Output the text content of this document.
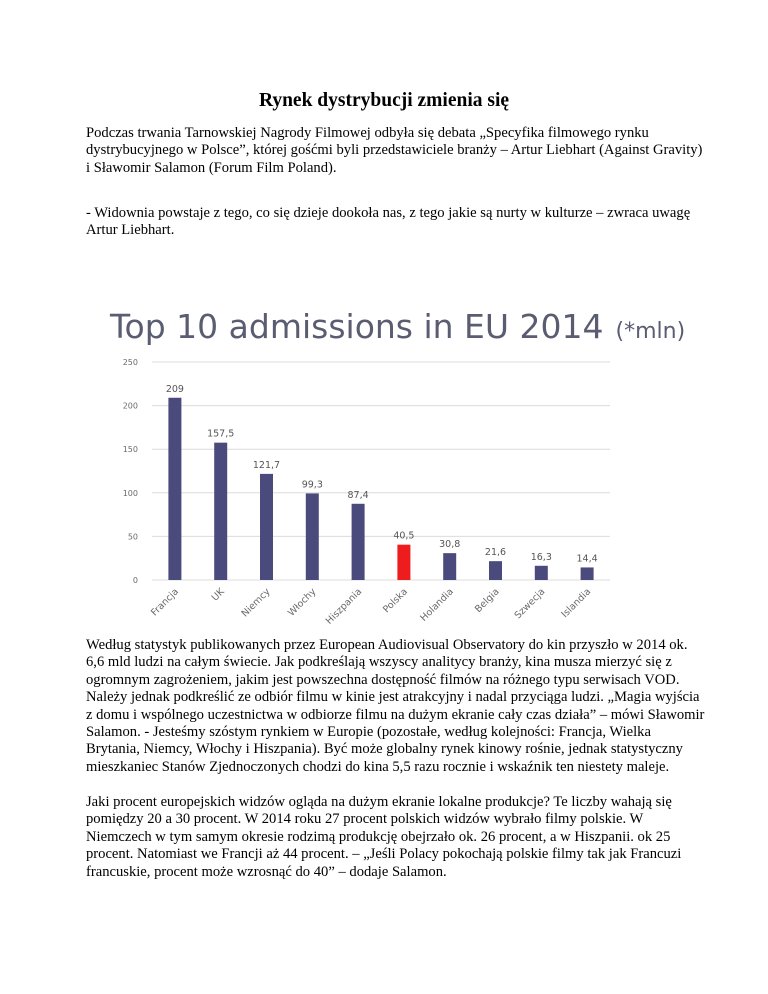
Rynek dystrybucji zmienia się

Podczas trwania Tarnowskiej Nagrody Filmowej odbyła się debata „Specyfika filmowego rynku dystrybucyjnego w Polsce”, której gośćmi byli przedstawiciele branży – Artur Liebhart (Against Gravity) i Sławomir Salamon (Forum Film Poland).

- Widownia powstaje z tego, co się dzieje dookoła nas, z tego jakie są nurty w kulturze – zwraca uwagę Artur Liebhart.

Top 10 admissions in EU 2014 (*mln)
0
50
100
150
200
250
209
Francja
157,5
UK
121,7
Niemcy
99,3
Włochy
87,4
Hiszpania
40,5
Polska
30,8
Holandia
21,6
Belgia
16,3
Szwecja
14,4
Islandia

Według statystyk publikowanych przez European Audiovisual Observatory do kin przyszło w 2014 ok. 6,6 mld ludzi na całym świecie. Jak podkreślają wszyscy analitycy branży, kina musza mierzyć się z ogromnym zagrożeniem, jakim jest powszechna dostępność filmów na różnego typu serwisach VOD. Należy jednak podkreślić ze odbiór filmu w kinie jest atrakcyjny i nadal przyciąga ludzi. „Magia wyjścia z domu i wspólnego uczestnictwa w odbiorze filmu na dużym ekranie cały czas działa” – mówi Sławomir Salamon. - Jesteśmy szóstym rynkiem w Europie (pozostałe, według kolejności: Francja, Wielka Brytania, Niemcy, Włochy i Hiszpania). Być może globalny rynek kinowy rośnie, jednak statystyczny mieszkaniec Stanów Zjednoczonych chodzi do kina 5,5 razu rocznie i wskaźnik ten niestety maleje.

Jaki procent europejskich widzów ogląda na dużym ekranie lokalne produkcje? Te liczby wahają się pomiędzy 20 a 30 procent. W 2014 roku 27 procent polskich widzów wybrało filmy polskie. W Niemczech w tym samym okresie rodzimą produkcję obejrzało ok. 26 procent, a w Hiszpanii. ok 25 procent. Natomiast we Francji aż 44 procent. – „Jeśli Polacy pokochają polskie filmy tak jak Francuzi francuskie, procent może wzrosnąć do 40” – dodaje Salamon.
